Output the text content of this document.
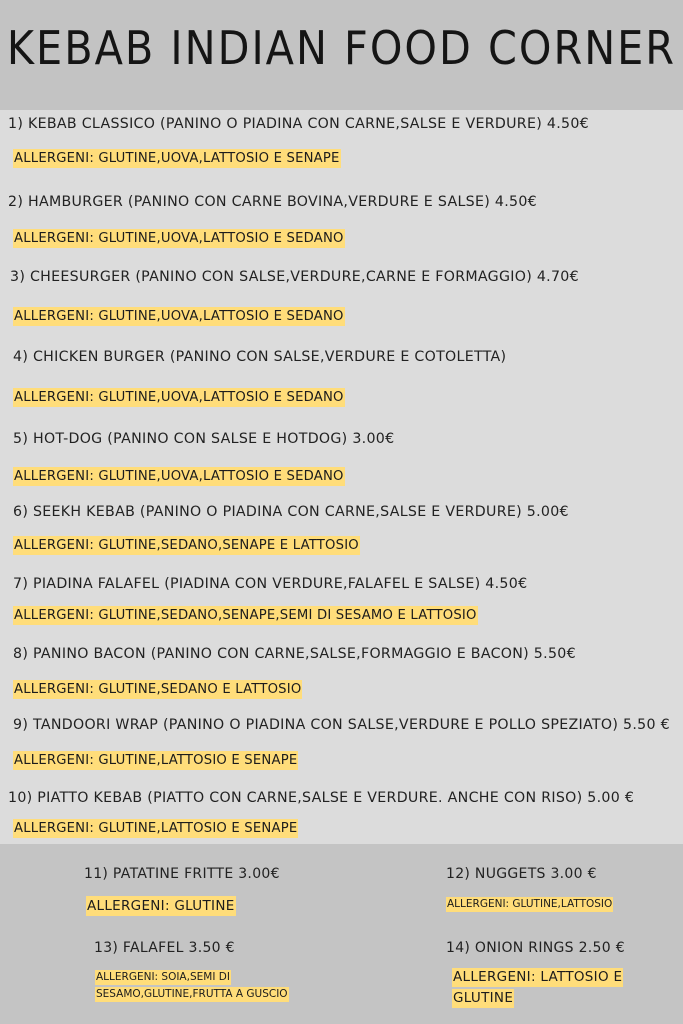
KEBAB INDIAN FOOD CORNER
1) KEBAB CLASSICO (PANINO O PIADINA CON CARNE,SALSE E VERDURE) 4.50€
ALLERGENI: GLUTINE,UOVA,LATTOSIO E SENAPE
2) HAMBURGER (PANINO CON CARNE BOVINA,VERDURE E SALSE) 4.50€
ALLERGENI: GLUTINE,UOVA,LATTOSIO E SEDANO
3) CHEESURGER (PANINO CON SALSE,VERDURE,CARNE E FORMAGGIO) 4.70€
ALLERGENI: GLUTINE,UOVA,LATTOSIO E SEDANO
4) CHICKEN BURGER (PANINO CON SALSE,VERDURE E COTOLETTA)
ALLERGENI: GLUTINE,UOVA,LATTOSIO E SEDANO
5) HOT-DOG (PANINO CON SALSE E HOTDOG) 3.00€
ALLERGENI: GLUTINE,UOVA,LATTOSIO E SEDANO
6) SEEKH KEBAB (PANINO O PIADINA CON CARNE,SALSE E VERDURE) 5.00€
ALLERGENI: GLUTINE,SEDANO,SENAPE E LATTOSIO
7) PIADINA FALAFEL (PIADINA CON VERDURE,FALAFEL E SALSE) 4.50€
ALLERGENI: GLUTINE,SEDANO,SENAPE,SEMI DI SESAMO E LATTOSIO
8) PANINO BACON (PANINO CON CARNE,SALSE,FORMAGGIO E BACON) 5.50€
ALLERGENI: GLUTINE,SEDANO E LATTOSIO
9) TANDOORI WRAP (PANINO O PIADINA CON SALSE,VERDURE E POLLO SPEZIATO) 5.50 €
ALLERGENI: GLUTINE,LATTOSIO E SENAPE
10) PIATTO KEBAB (PIATTO CON CARNE,SALSE E VERDURE. ANCHE CON RISO) 5.00 €
ALLERGENI: GLUTINE,LATTOSIO E SENAPE
11) PATATINE FRITTE 3.00€
ALLERGENI: GLUTINE
12) NUGGETS 3.00 €
ALLERGENI: GLUTINE,LATTOSIO
13) FALAFEL 3.50 €
ALLERGENI: SOIA,SEMI DI
SESAMO,GLUTINE,FRUTTA A GUSCIO
14) ONION RINGS 2.50 €
ALLERGENI: LATTOSIO E
GLUTINE
